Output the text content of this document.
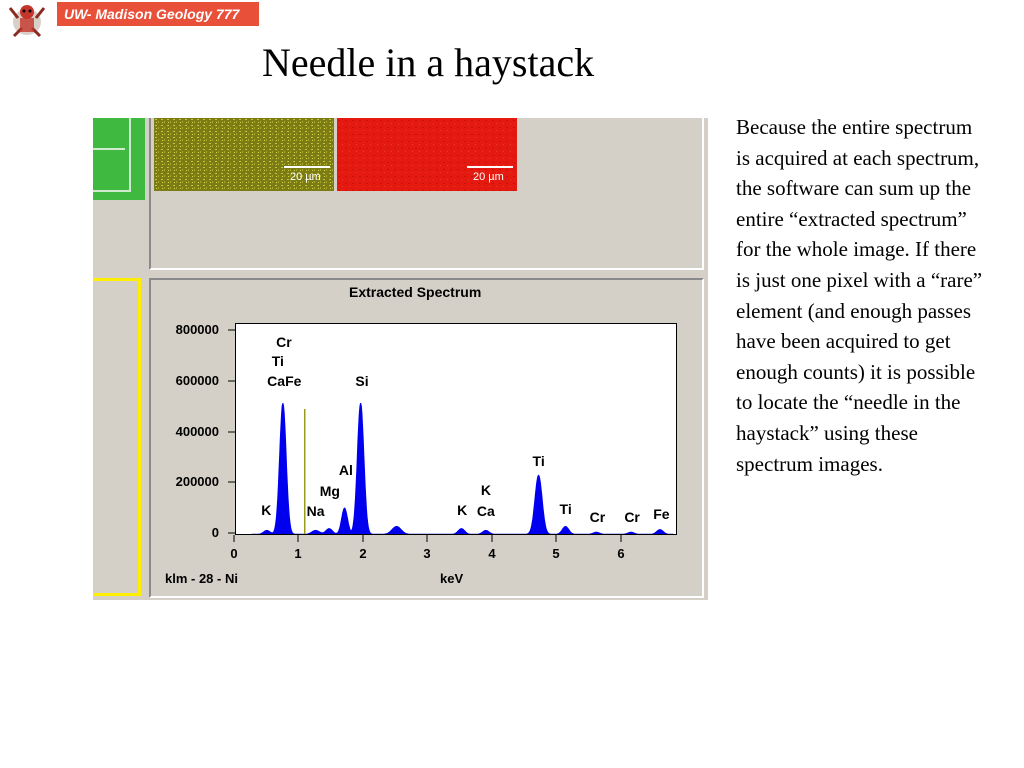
UW- Madison Geology 777
Needle in a haystack
20 µm	20 µm
Extracted Spectrum
800000
600000
400000
200000
0
Cr
Ti
CaFe	Si
Al
Mg
K	Na	K
K
Ca
Ti
Ti Cr Cr Fe
0	1	2	3	4	5	6
klm - 28 - Ni	keV
Because the entire spectrum is acquired at each spectrum, the software can sum up the entire “extracted spectrum” for the whole image. If there is just one pixel with a “rare” element (and enough passes have been acquired to get enough counts) it is possible to locate the “needle in the haystack” using these spectrum images.
